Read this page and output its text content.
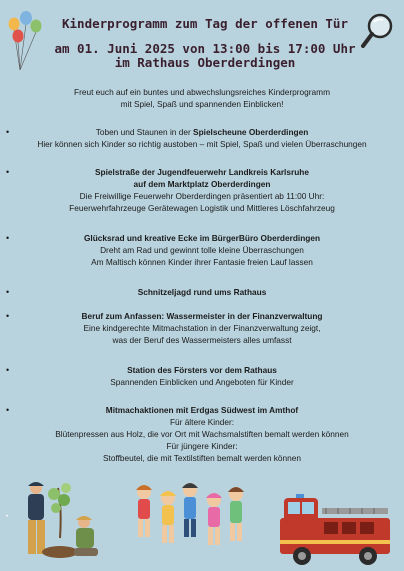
Kinderprogramm zum Tag der offenen Tür
am 01. Juni 2025 von 13:00 bis 17:00 Uhr
im Rathaus Oberderdingen
Freut euch auf ein buntes und abwechslungsreiches Kinderprogramm
mit Spiel, Spaß und spannenden Einblicken!
•	Toben und Staunen in der Spielscheune Oberderdingen
Hier können sich Kinder so richtig austoben – mit Spiel, Spaß und vielen Überraschungen
•	Spielstraße der Jugendfeuerwehr Landkreis Karlsruhe
auf dem Marktplatz Oberderdingen
Die Freiwillige Feuerwehr Oberderdingen präsentiert ab 11:00 Uhr:
Feuerwehrfahrzeuge Gerätewagen Logistik und Mittleres Löschfahrzeug
•	Glücksrad und kreative Ecke im BürgerBüro Oberderdingen
Dreht am Rad und gewinnt tolle kleine Überraschungen
Am Maltisch können Kinder ihrer Fantasie freien Lauf lassen
•	Schnitzeljagd rund ums Rathaus
•	Beruf zum Anfassen: Wassermeister in der Finanzverwaltung
Eine kindgerechte Mitmachstation in der Finanzverwaltung zeigt,
was der Beruf des Wassermeisters alles umfasst
•	Station des Försters vor dem Rathaus
Spannenden Einblicken und Angeboten für Kinder
•	Mitmachaktionen mit Erdgas Südwest im Amthof
Für ältere Kinder:
Blütenpressen aus Holz, die vor Ort mit Wachsmalstiften bemalt werden können
Für jüngere Kinder:
Stoffbeutel, die mit Textilstiften bemalt werden können
•
